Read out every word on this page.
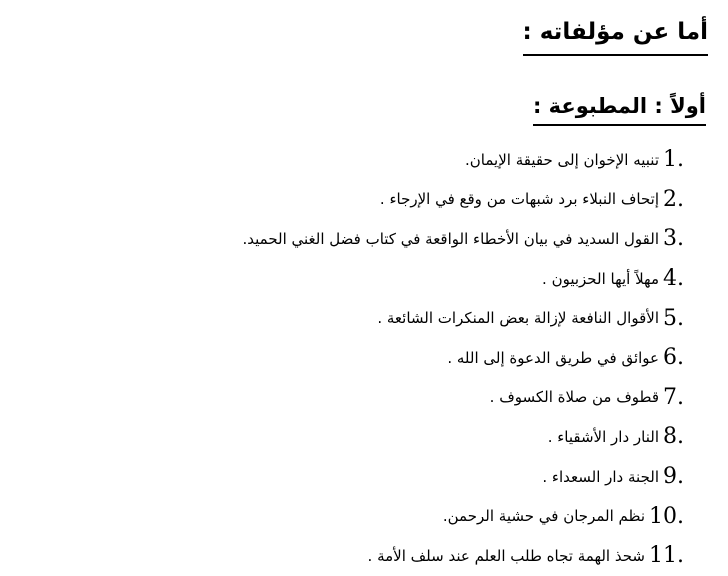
أما عن مؤلفاته :
أولاً : المطبوعة :
1.
تنبيه الإخوان إلى حقيقة الإيمان.
2.
إتحاف النبلاء برد شبهات من وقع في الإرجاء .
3.
القول السديد في بيان الأخطاء الواقعة في كتاب فضل الغني الحميد.
4.
مهلاً أيها الحزبيون .
5.
الأقوال النافعة لإزالة بعض المنكرات الشائعة .
6.
عوائق في طريق الدعوة إلى الله .
7.
قطوف من صلاة الكسوف .
8.
النار دار الأشقياء .
9.
الجنة دار السعداء .
10.
نظم المرجان في حشية الرحمن.
11.
شحذ الهمة تجاه طلب العلم عند سلف الأمة .
